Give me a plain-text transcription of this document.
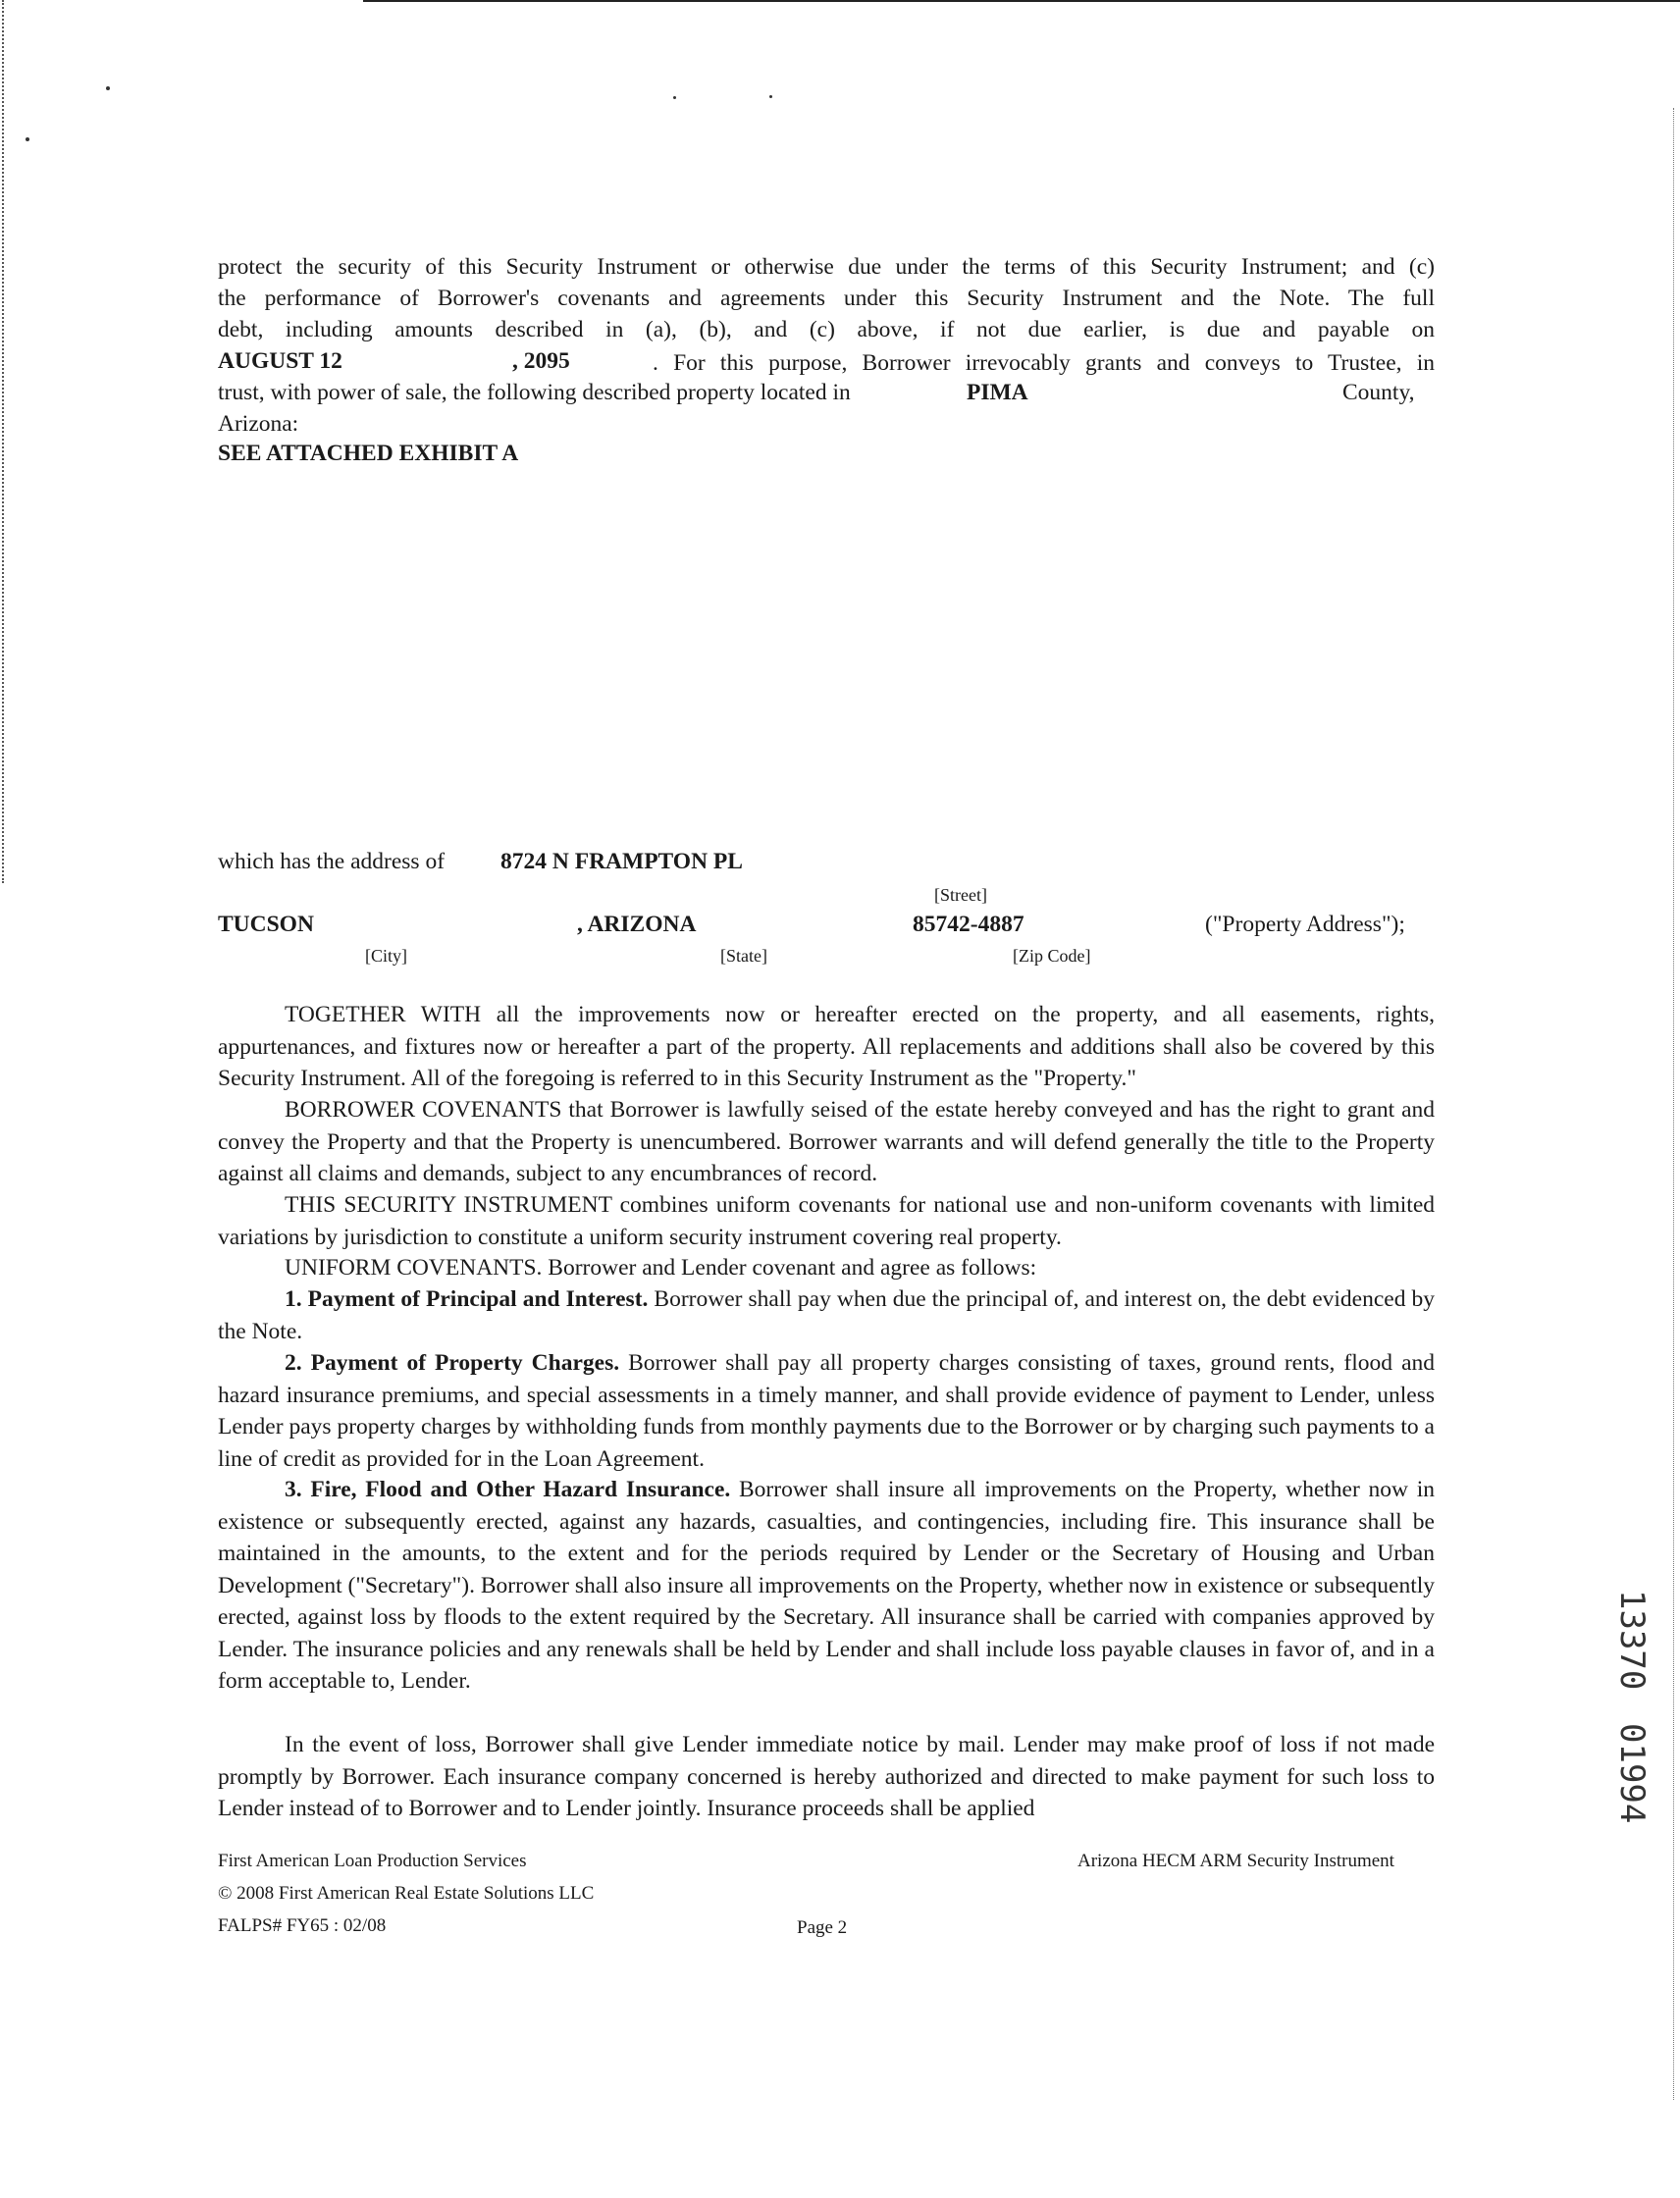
protect the security of this Security Instrument or otherwise due under the terms of this Security Instrument; and (c)
the performance of Borrower's covenants and agreements under this Security Instrument and the Note. The full
debt, including amounts described in (a), (b), and (c) above, if not due earlier, is due and payable on
AUGUST 12	, 2095	. For this purpose, Borrower irrevocably grants and conveys to Trustee, in
trust, with power of sale, the following described property located in	PIMA	County,
Arizona:
SEE ATTACHED EXHIBIT A
which has the address of 8724 N FRAMPTON PL
[Street]
TUCSON	, ARIZONA	85742-4887	("Property Address");
[City]	[State]	[Zip Code]

TOGETHER WITH all the improvements now or hereafter erected on the property, and all easements, rights, appurtenances, and fixtures now or hereafter a part of the property. All replacements and additions shall also be covered by this Security Instrument. All of the foregoing is referred to in this Security Instrument as the "Property."

BORROWER COVENANTS that Borrower is lawfully seised of the estate hereby conveyed and has the right to grant and convey the Property and that the Property is unencumbered. Borrower warrants and will defend generally the title to the Property against all claims and demands, subject to any encumbrances of record.

THIS SECURITY INSTRUMENT combines uniform covenants for national use and non-uniform covenants with limited variations by jurisdiction to constitute a uniform security instrument covering real property.

UNIFORM COVENANTS. Borrower and Lender covenant and agree as follows:

1. Payment of Principal and Interest. Borrower shall pay when due the principal of, and interest on, the debt evidenced by the Note.

2. Payment of Property Charges. Borrower shall pay all property charges consisting of taxes, ground rents, flood and hazard insurance premiums, and special assessments in a timely manner, and shall provide evidence of payment to Lender, unless Lender pays property charges by withholding funds from monthly payments due to the Borrower or by charging such payments to a line of credit as provided for in the Loan Agreement.

3. Fire, Flood and Other Hazard Insurance. Borrower shall insure all improvements on the Property, whether now in existence or subsequently erected, against any hazards, casualties, and contingencies, including fire. This insurance shall be maintained in the amounts, to the extent and for the periods required by Lender or the Secretary of Housing and Urban Development ("Secretary"). Borrower shall also insure all improvements on the Property, whether now in existence or subsequently erected, against loss by floods to the extent required by the Secretary. All insurance shall be carried with companies approved by Lender. The insurance policies and any renewals shall be held by Lender and shall include loss payable clauses in favor of, and in a form acceptable to, Lender.

In the event of loss, Borrower shall give Lender immediate notice by mail. Lender may make proof of loss if not made promptly by Borrower. Each insurance company concerned is hereby authorized and directed to make payment for such loss to Lender instead of to Borrower and to Lender jointly. Insurance proceeds shall be applied

First American Loan Production Services
© 2008 First American Real Estate Solutions LLC
FALPS# FY65 : 02/08	Page 2
Arizona HECM ARM Security Instrument
13370
01994
